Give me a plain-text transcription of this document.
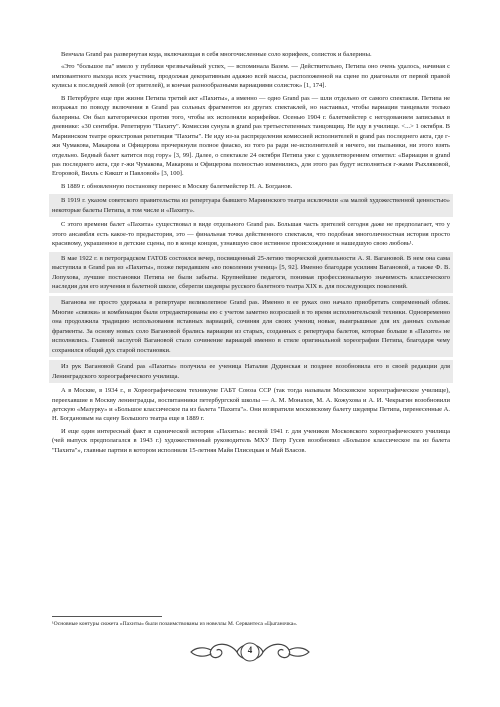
Венчала Grand pas развернутая кода, включающая в себя многочисленные соло корифеек, солисток и балерины.

«Это "большое па" имело у публики чрезвычайный успех, — вспоминала Вазем. — Действительно, Петипа оно очень удалось, начиная с имповантного выхода всех участниц, продолжая декоративным адажио всей массы, расположенной на сцене по диагонали от первой правой кулисы к последней левой (от зрителей), и кончая разнообразными вариациями солисток» [1, 174].

В Петербурге еще при жизни Петипа третий акт «Пахиты», а именно — одно Grand pas — шли отдельно от самого спектакля. Петипа не возражал по поводу включения в Grand pas сольных фрагментов из других спектаклей, но настаивал, чтобы вариации танцевали только балерины. Он был категорически против того, чтобы их исполняли корифейки. Осенью 1904 г. балетмейстер с негодованием записывал в дневнике: «30 сентября. Репетирую "Пахиту". Комиссия сунула в grand pas третьестепенных танцовщиц. Не иду в училище. <...> 1 октября. В Мариинском театре оркестровая репетиция "Пахиты". Не иду из-за распределения комиссией исполнителей в grand pas последнего акта, где г-жи Чумакова, Макарова и Офицерова прочеркнули полное фиаско, из того ра ради не-исполнителей я ничего, ни пыльники, ни этого взять отдельно. Бедный балет катится под гору» [3, 99]. Далее, о спектакле 24 октября Петипа уже с удовлетворением отметил: «Вариация в grand pas последнего акта, где г-жи Чумакова, Макарова и Офицерова полностью изменились, для этого pas будут исполняться г-жами Рыхляковой, Егоровой, Вилль с Кякшт и Павловой» [3, 100].

В 1889 г. обновленную постановку перенес в Москву балетмейстер Н. А. Богданов.

В 1919 г. указом советского правительства из репертуара бывшего Мариинского театра исключили «за малой художественной ценностью» некоторые балеты Петипа, в том числе и «Пахиту».

С этого времени балет «Пахита» существовал в виде отдельного Grand pas. Большая часть зрителей сегодня даже не предполагает, что у этого ансамбля есть какое-то предыстория, это — финальная точка действенного спектакля, что подобная многоличностная история просто красивому, украшенное в детские сцены, по в конце концов, узнавшую свое истинное происхождение и нашедшую свою любовь¹.

В мае 1922 г. в петроградском ГАТОБ состоялся вечер, посвященный 25-летию творческой деятельности А. Я. Вагановой. В нем она сама выступила в Grand pas из «Пахиты», позже передавшем «во поколении учениц» [5, 92]. Именно благодаря усилиям Вагановой, а также Ф. В. Лопухова, лучшие постановки Петипа не были забыты. Крупнейшие педагоги, понимая профессиональную значимость классического наследия для его изучения в балетной школе, сберегли шедевры русского балетного театра XIX в. для последующих поколений.

Ваганова не просто удержала в репертуаре великолепное Grand pas. Именно в ее руках оно начало приобретать современный облик. Многие «связки» и комбинации были отредактированы ею с учетом заметно возросшей в то время исполнительской техники. Одновременно она продолжила традицию использования вставных вариаций, сочиняя для своих учениц новые, выигрышные для их данных сольные фрагменты. За основу новых соло Вагановой брались вариации из старых, созданных с репертуара балетов, которые больше в «Пахите» не исполнялись. Главной заслугой Вагановой стало сочинение вариаций именно в стиле оригинальной хореографии Петипа, благодаря чему сохранился общий дух старой постановки.

Из рук Вагановой Grand pas «Пахиты» получила ее ученица Наталия Дудинская и позднее возобновила его в своей редакции для Ленинградского хореографического училища.

А в Москве, в 1934 г., в Хореографическом техникуме ГАБТ Союза ССР (так тогда называли Московское хореографическое училище), переехавшие в Москву ленинградцы, воспитанники петербургской школы — А. М. Монахов, М. А. Кожухова и А. И. Чекрыгин возобновили детскую «Мазурку» и «Большое классическое па из балета "Пахита"». Они возвратили московскому балету шедевры Петипа, перенесенные А. Н. Богдановым на сцену Большого театра еще в 1889 г.

И еще один интересный факт в сценической истории «Пахиты»: весной 1941 г. для учеников Московского хореографического училища (чей выпуск предполагался в 1943 г.) художественный руководитель МХУ Петр Гусев возобновил «Большое классическое па из балета "Пахита"», главные партии в котором исполнили 15-летняя Майя Плисецкая и Май Власов.

¹Основные контуры сюжета «Пахиты» были позаимствованы из новеллы М. Сервантеса «Цыганочка».

4
